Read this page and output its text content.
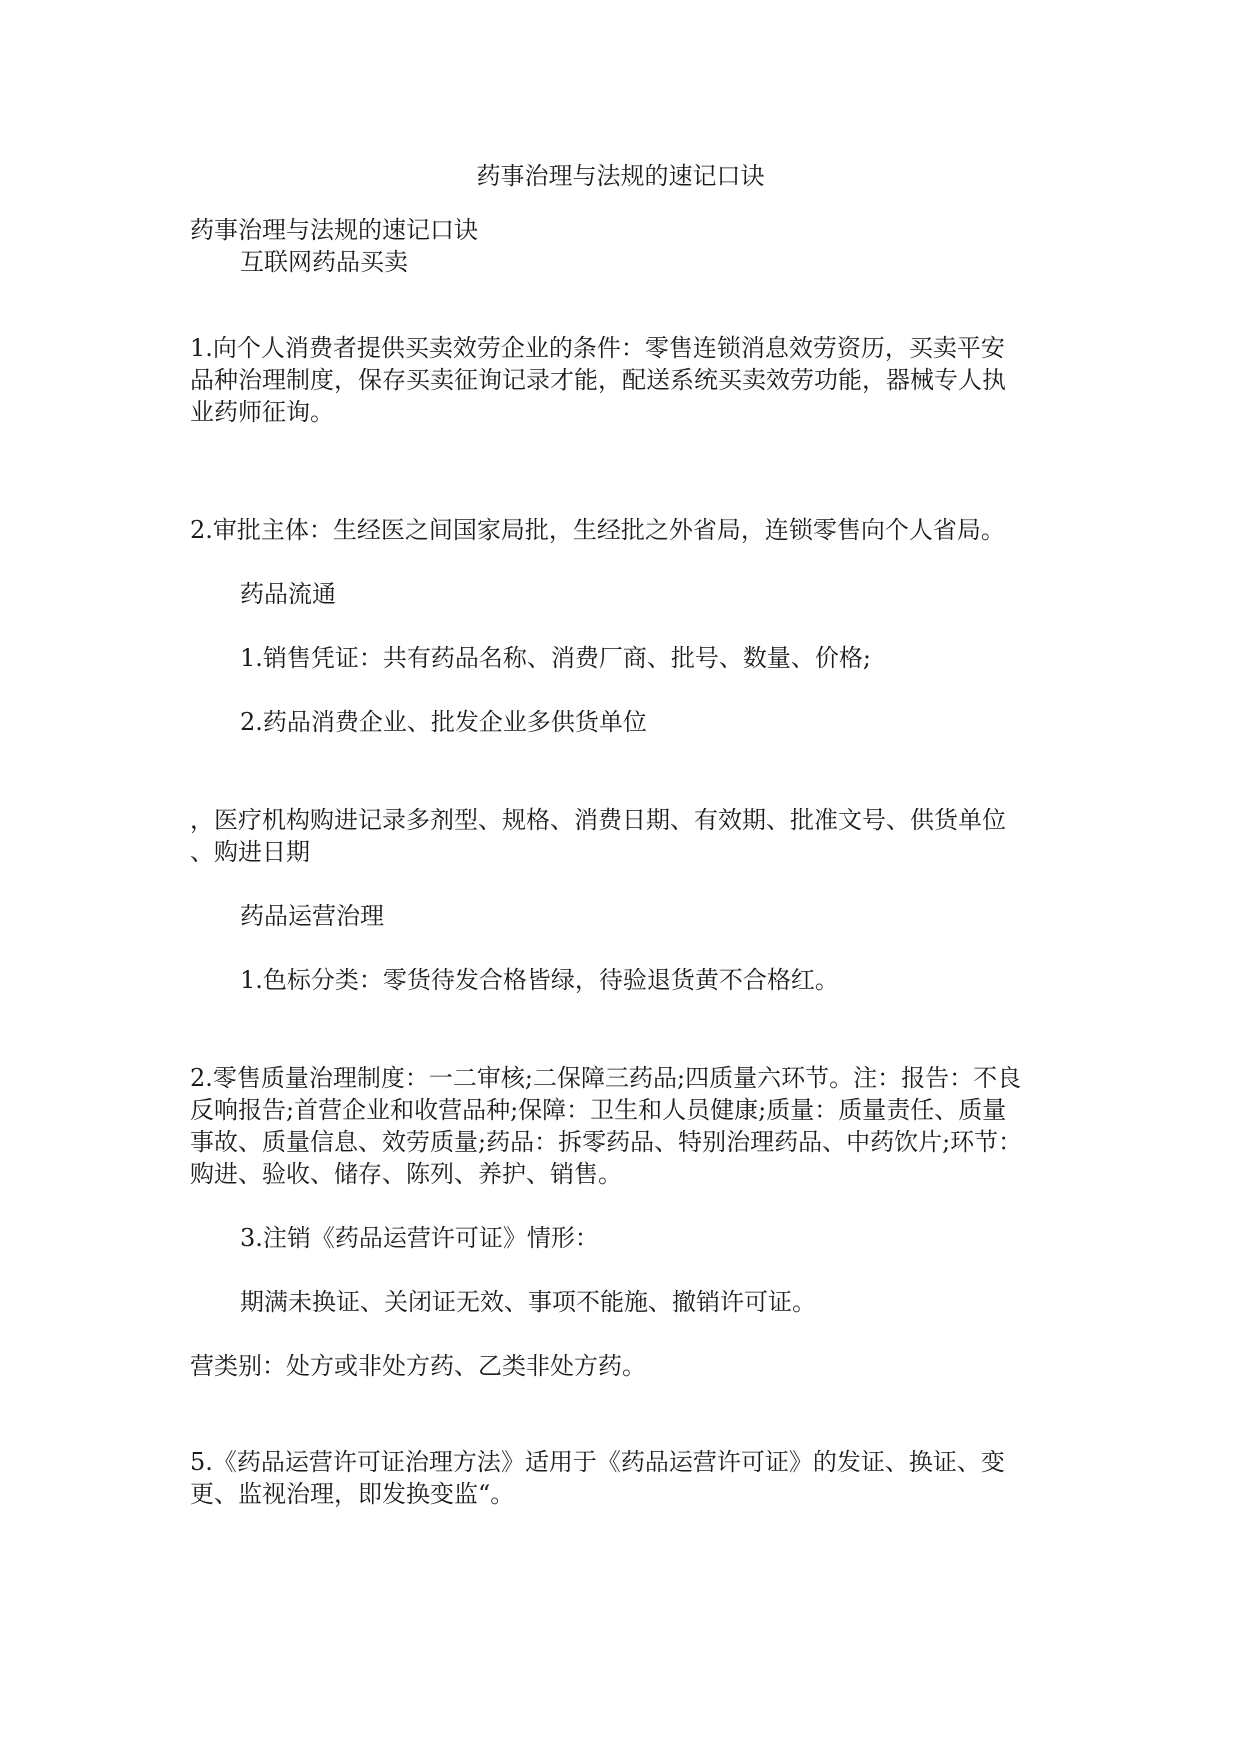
药事治理与法规的速记口诀
药事治理与法规的速记口诀
互联网药品买卖
1.向个人消费者提供买卖效劳企业的条件：零售连锁消息效劳资历，买卖平安
品种治理制度，保存买卖征询记录才能，配送系统买卖效劳功能，器械专人执
业药师征询。
2.审批主体：生经医之间国家局批，生经批之外省局，连锁零售向个人省局。
药品流通
1.销售凭证：共有药品名称、消费厂商、批号、数量、价格;
2.药品消费企业、批发企业多供货单位
，医疗机构购进记录多剂型、规格、消费日期、有效期、批准文号、供货单位
、购进日期
药品运营治理
1.色标分类：零货待发合格皆绿，待验退货黄不合格红。
2.零售质量治理制度：一二审核;二保障三药品;四质量六环节。注：报告：不良
反响报告;首营企业和收营品种;保障：卫生和人员健康;质量：质量责任、质量
事故、质量信息、效劳质量;药品：拆零药品、特别治理药品、中药饮片;环节：
购进、验收、储存、陈列、养护、销售。
3.注销《药品运营许可证》情形：
期满未换证、关闭证无效、事项不能施、撤销许可证。
营类别：处方或非处方药、乙类非处方药。
5.《药品运营许可证治理方法》适用于《药品运营许可证》的发证、换证、变
更、监视治理，即发换变监“。
